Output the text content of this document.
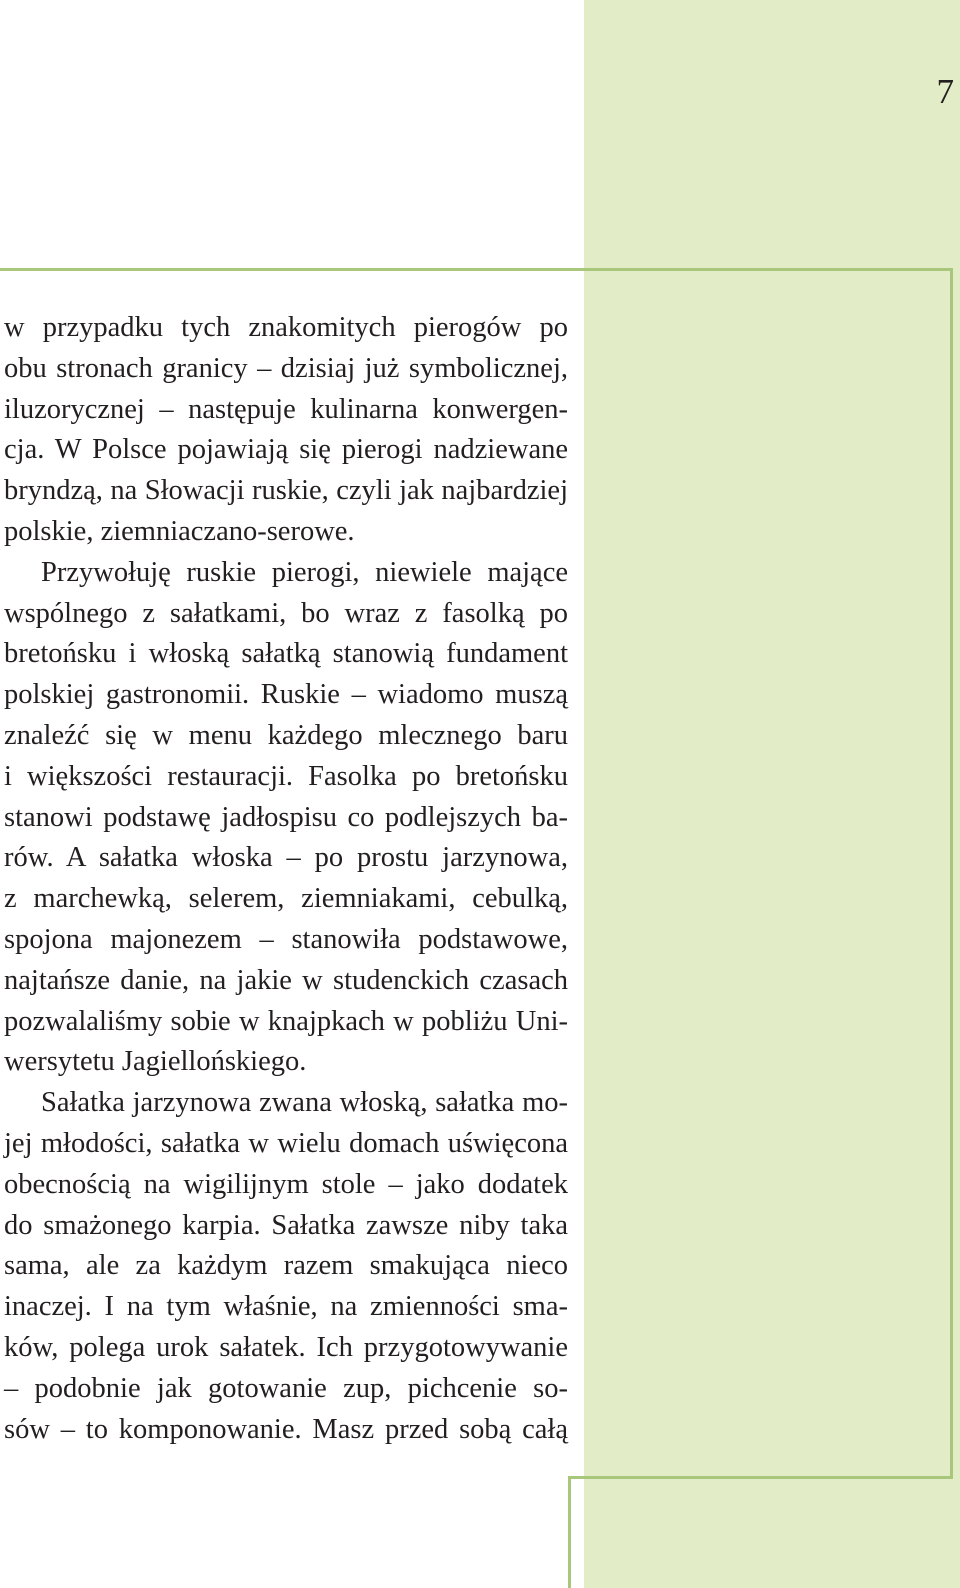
7
w przypadku tych znakomitych pierogów po
obu stronach granicy – dzisiaj już symbolicznej,
iluzorycznej – następuje kulinarna konwergen-
cja. W Polsce pojawiają się pierogi nadziewane
bryndzą, na Słowacji ruskie, czyli jak najbardziej
polskie, ziemniaczano-serowe.
Przywołuję ruskie pierogi, niewiele mające
wspólnego z sałatkami, bo wraz z fasolką po
bretońsku i włoską sałatką stanowią fundament
polskiej gastronomii. Ruskie – wiadomo muszą
znaleźć się w menu każdego mlecznego baru
i większości restauracji. Fasolka po bretońsku
stanowi podstawę jadłospisu co podlejszych ba-
rów. A sałatka włoska – po prostu jarzynowa,
z marchewką, selerem, ziemniakami, cebulką,
spojona majonezem – stanowiła podstawowe,
najtańsze danie, na jakie w studenckich czasach
pozwalaliśmy sobie w knajpkach w pobliżu Uni-
wersytetu Jagiellońskiego.
Sałatka jarzynowa zwana włoską, sałatka mo-
jej młodości, sałatka w wielu domach uświęcona
obecnością na wigilijnym stole – jako dodatek
do smażonego karpia. Sałatka zawsze niby taka
sama, ale za każdym razem smakująca nieco
inaczej. I na tym właśnie, na zmienności sma-
ków, polega urok sałatek. Ich przygotowywanie
– podobnie jak gotowanie zup, pichcenie so-
sów – to komponowanie. Masz przed sobą całą
